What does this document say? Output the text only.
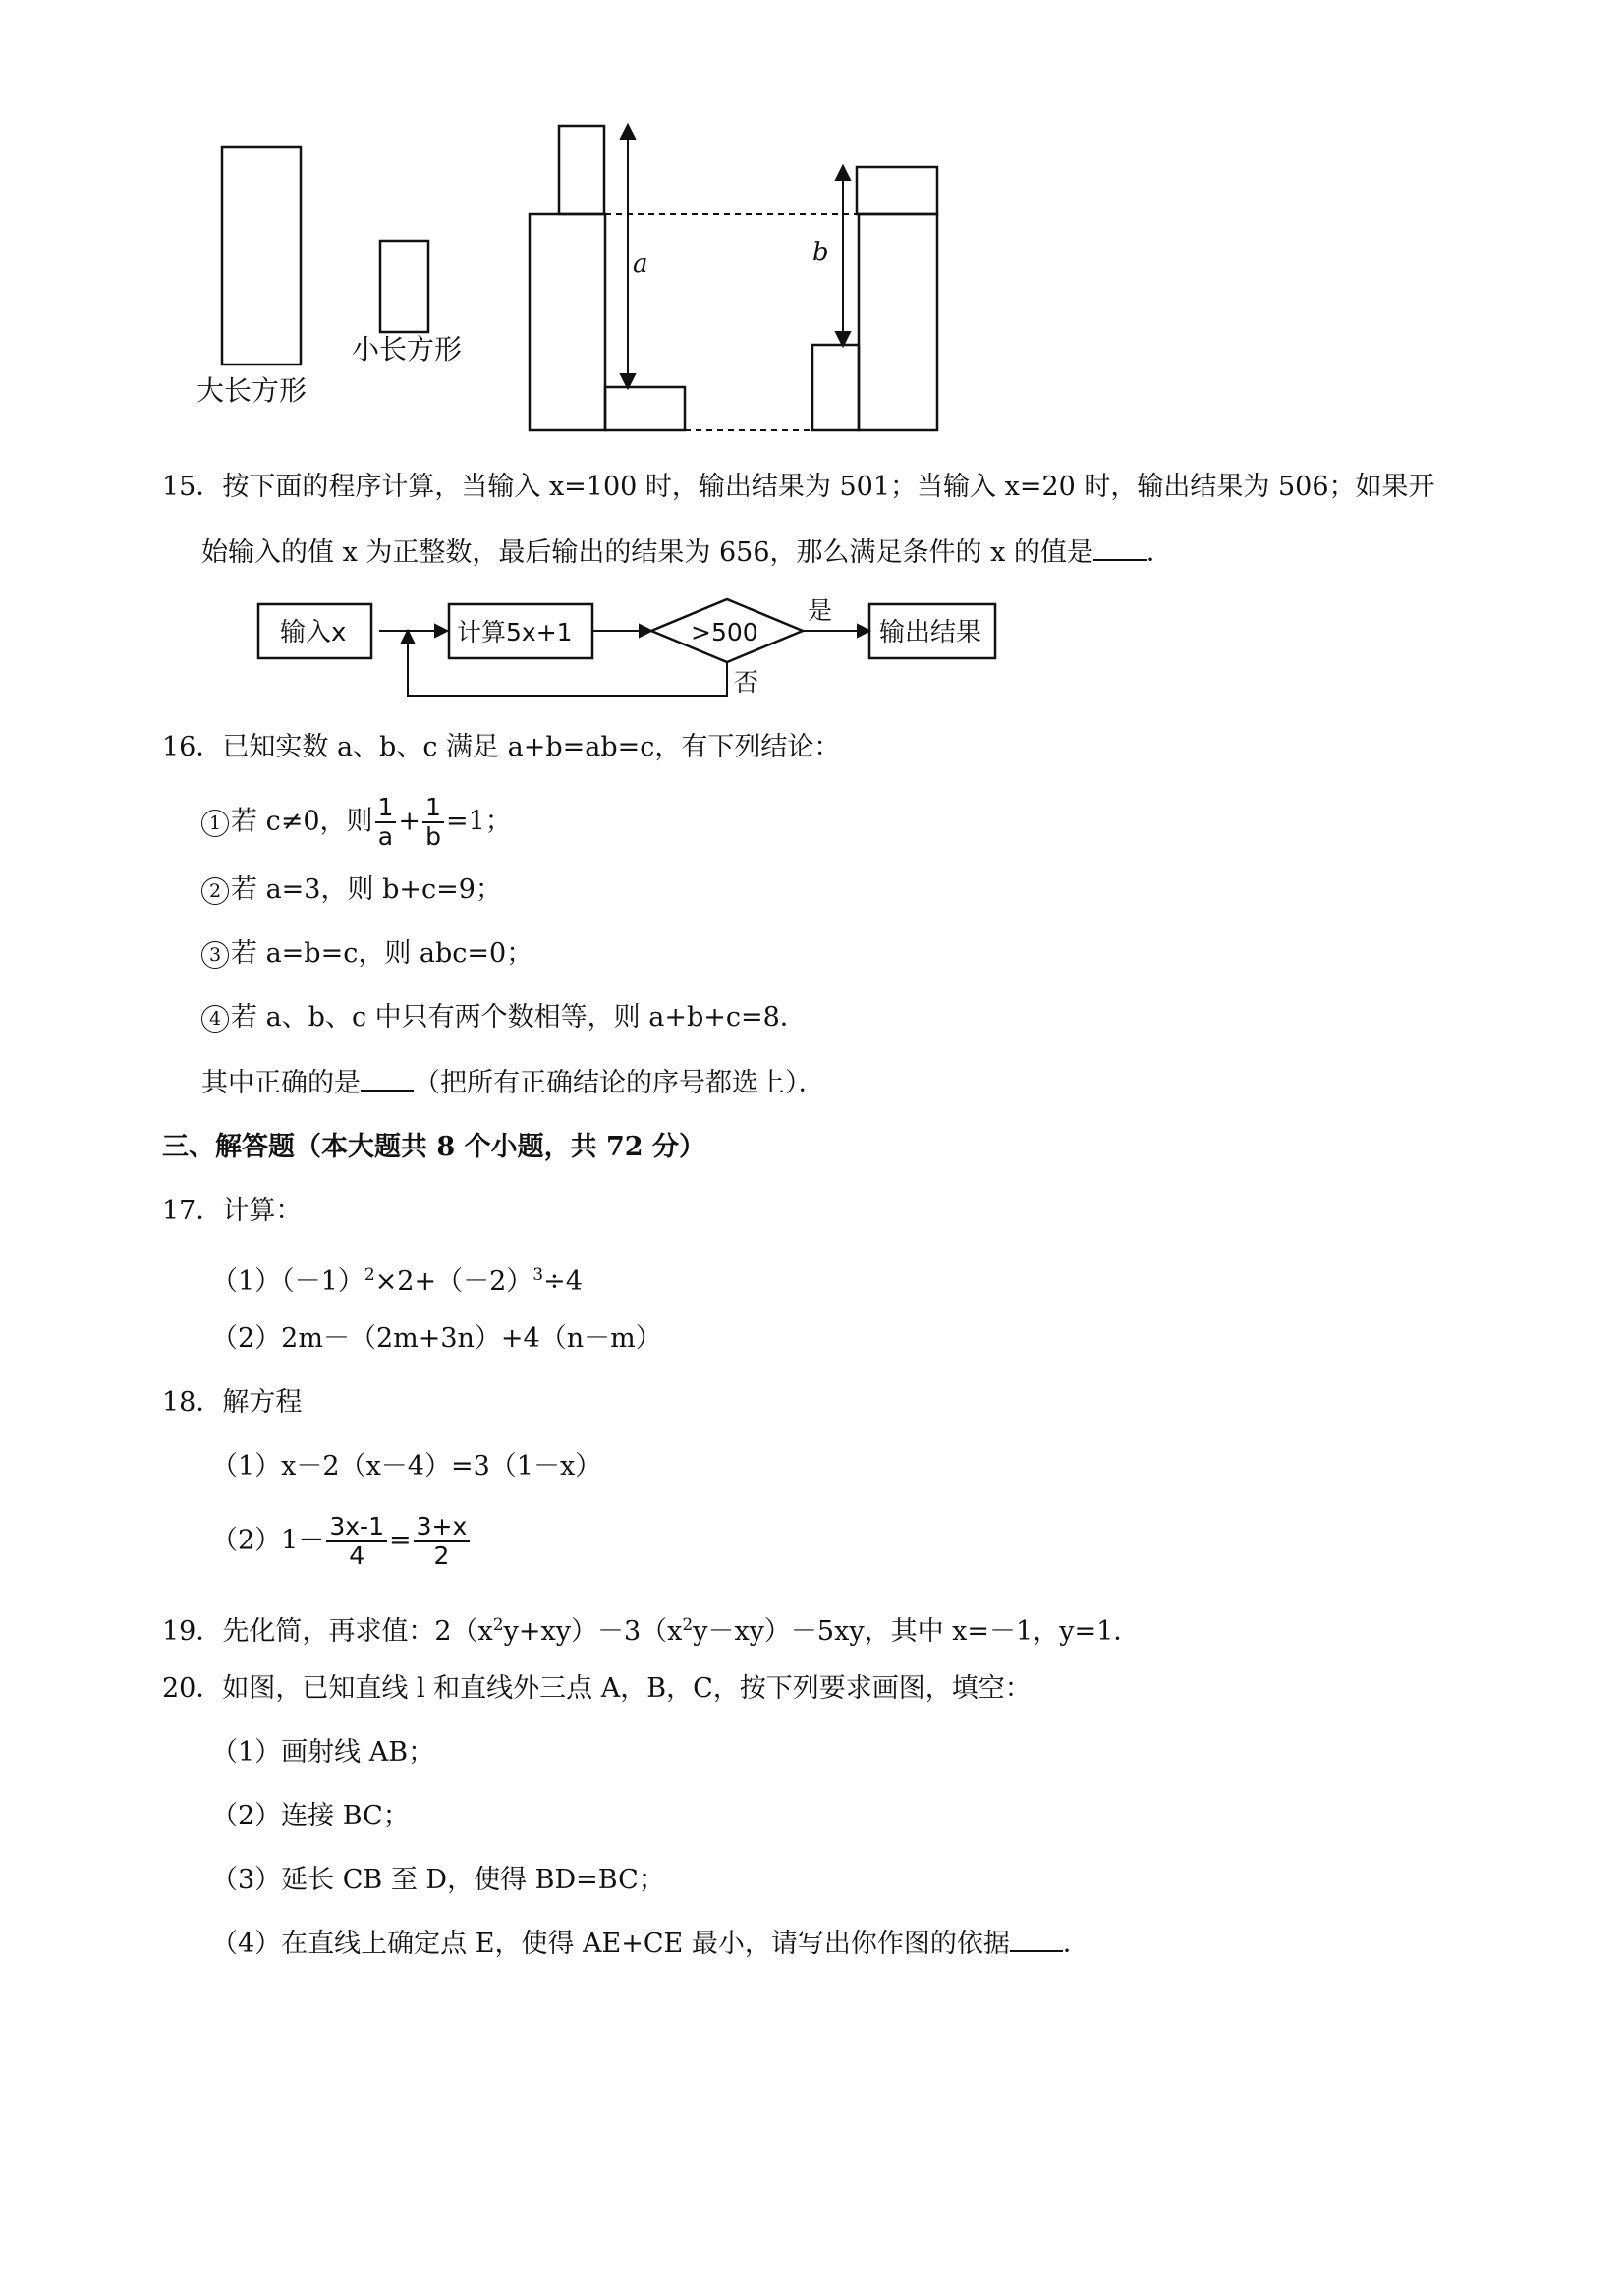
a	b
大长方形
小长方形
15．按下面的程序计算，当输入 x=100 时，输出结果为 501；当输入 x=20 时，输出结果为 506；如果开
始输入的值 x 为正整数，最后输出的结果为 656，那么满足条件的 x 的值是 ．
输入x	计算5x+1	>500
是
输出结果
否
16．已知实数 a、b、c 满足 a+b=ab=c，有下列结论：
1 若 c≠0，则 $\frac{1}{a} + \frac{1}{b} =1$；
2 若 a=3，则 b+c=9；
3 若 a=b=c，则 abc=0；
4 若 a、b、c 中只有两个数相等，则 a+b+c=8．
其中正确的是 （把所有正确结论的序号都选上）．
三、解答题（本大题共 8 个小题，共 72 分）
17．计算：
$(1)(-1)^2\times 2+(-2)^3\div 4$
（2）2m－（2m+3n）+4（n－m）
18．解方程
（1）x－2（x－4）=3（1－x）
$(2)1- \frac{3x-1}{4} = \frac{3+x}{2}$
19．先化简，再求值：$2(x^2y+xy)-3(x^2y-xy)-5xy$，其中 x=－1，y=1．
20．如图，已知直线 l 和直线外三点 A，B，C，按下列要求画图，填空：
（1）画射线 AB；
（2）连接 BC；
（3）延长 CB 至 D，使得 BD=BC；
（4）在直线上确定点 E，使得 AE+CE 最小，请写出你作图的依据 ．
